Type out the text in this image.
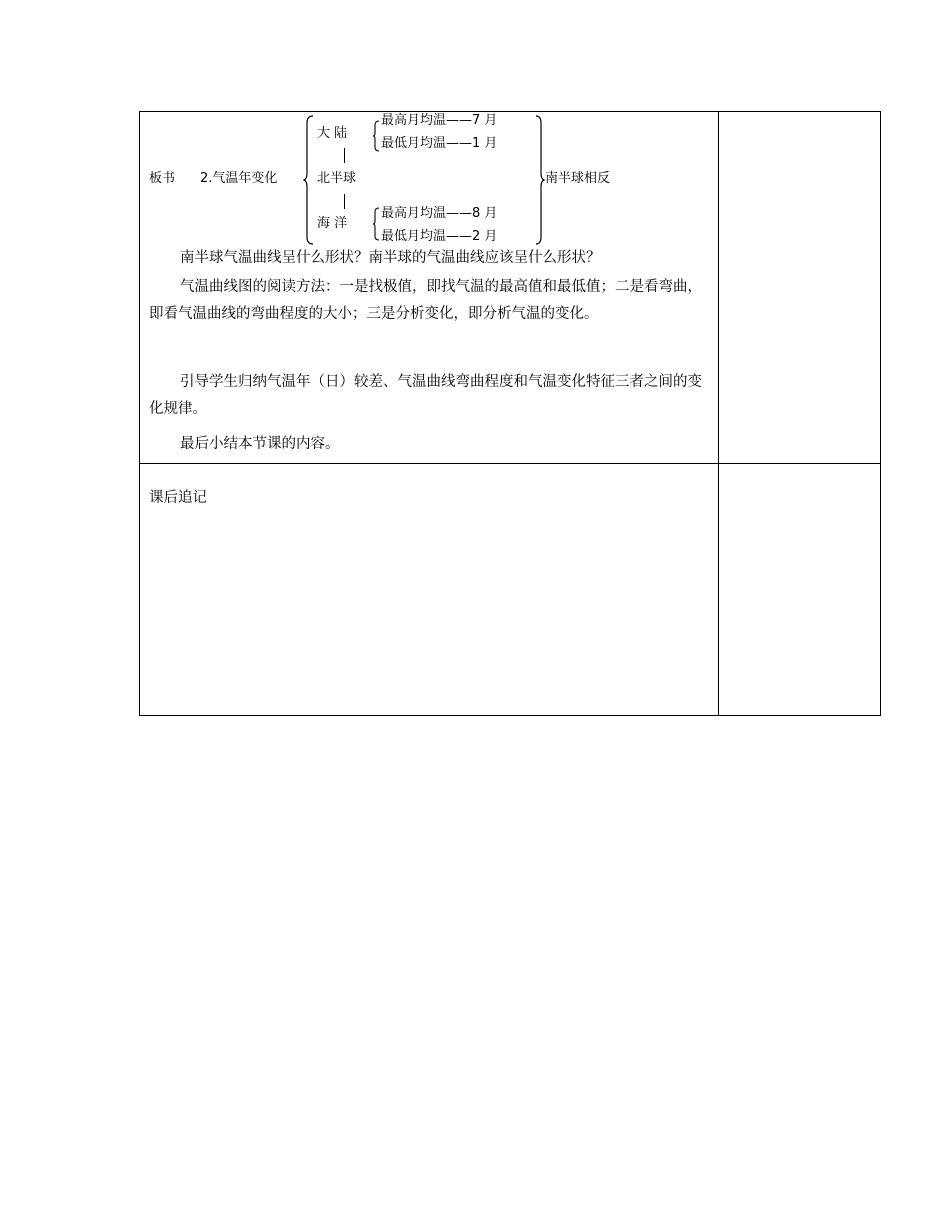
板书 2.气温年变化
大 陆
北半球
海 洋
最高月均温——7 月
最低月均温——1 月
最高月均温——8 月
最低月均温——2 月
南半球相反

南半球气温曲线呈什么形状？南半球的气温曲线应该呈什么形状？

气温曲线图的阅读方法：一是找极值，即找气温的最高值和最低值；二是看弯曲，即看气温曲线的弯曲程度的大小；三是分析变化，即分析气温的变化。

引导学生归纳气温年（日）较差、气温曲线弯曲程度和气温变化特征三者之间的变化规律。

最后小结本节课的内容。

课后追记
